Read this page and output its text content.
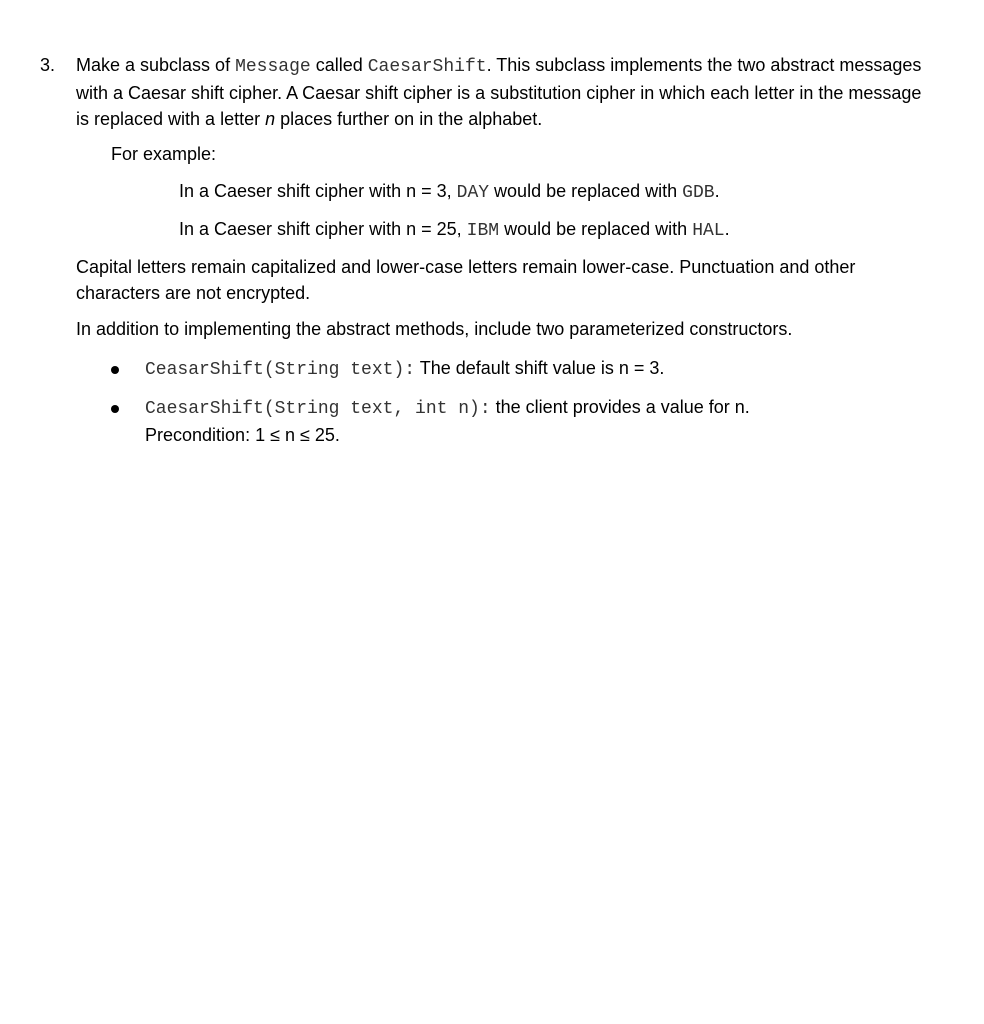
3. Make a subclass of Message called CaesarShift. This subclass implements the two abstract messages with a Caesar shift cipher. A Caesar shift cipher is a substitution cipher in which each letter in the message is replaced with a letter n places further on in the alphabet.
For example:
In a Caeser shift cipher with n = 3, DAY would be replaced with GDB.
In a Caeser shift cipher with n = 25, IBM would be replaced with HAL.
Capital letters remain capitalized and lower-case letters remain lower-case. Punctuation and other characters are not encrypted.
In addition to implementing the abstract methods, include two parameterized constructors.
CeasarShift(String text): The default shift value is n = 3.
CaesarShift(String text, int n): the client provides a value for n.
Precondition: 1 ≤ n ≤ 25.
